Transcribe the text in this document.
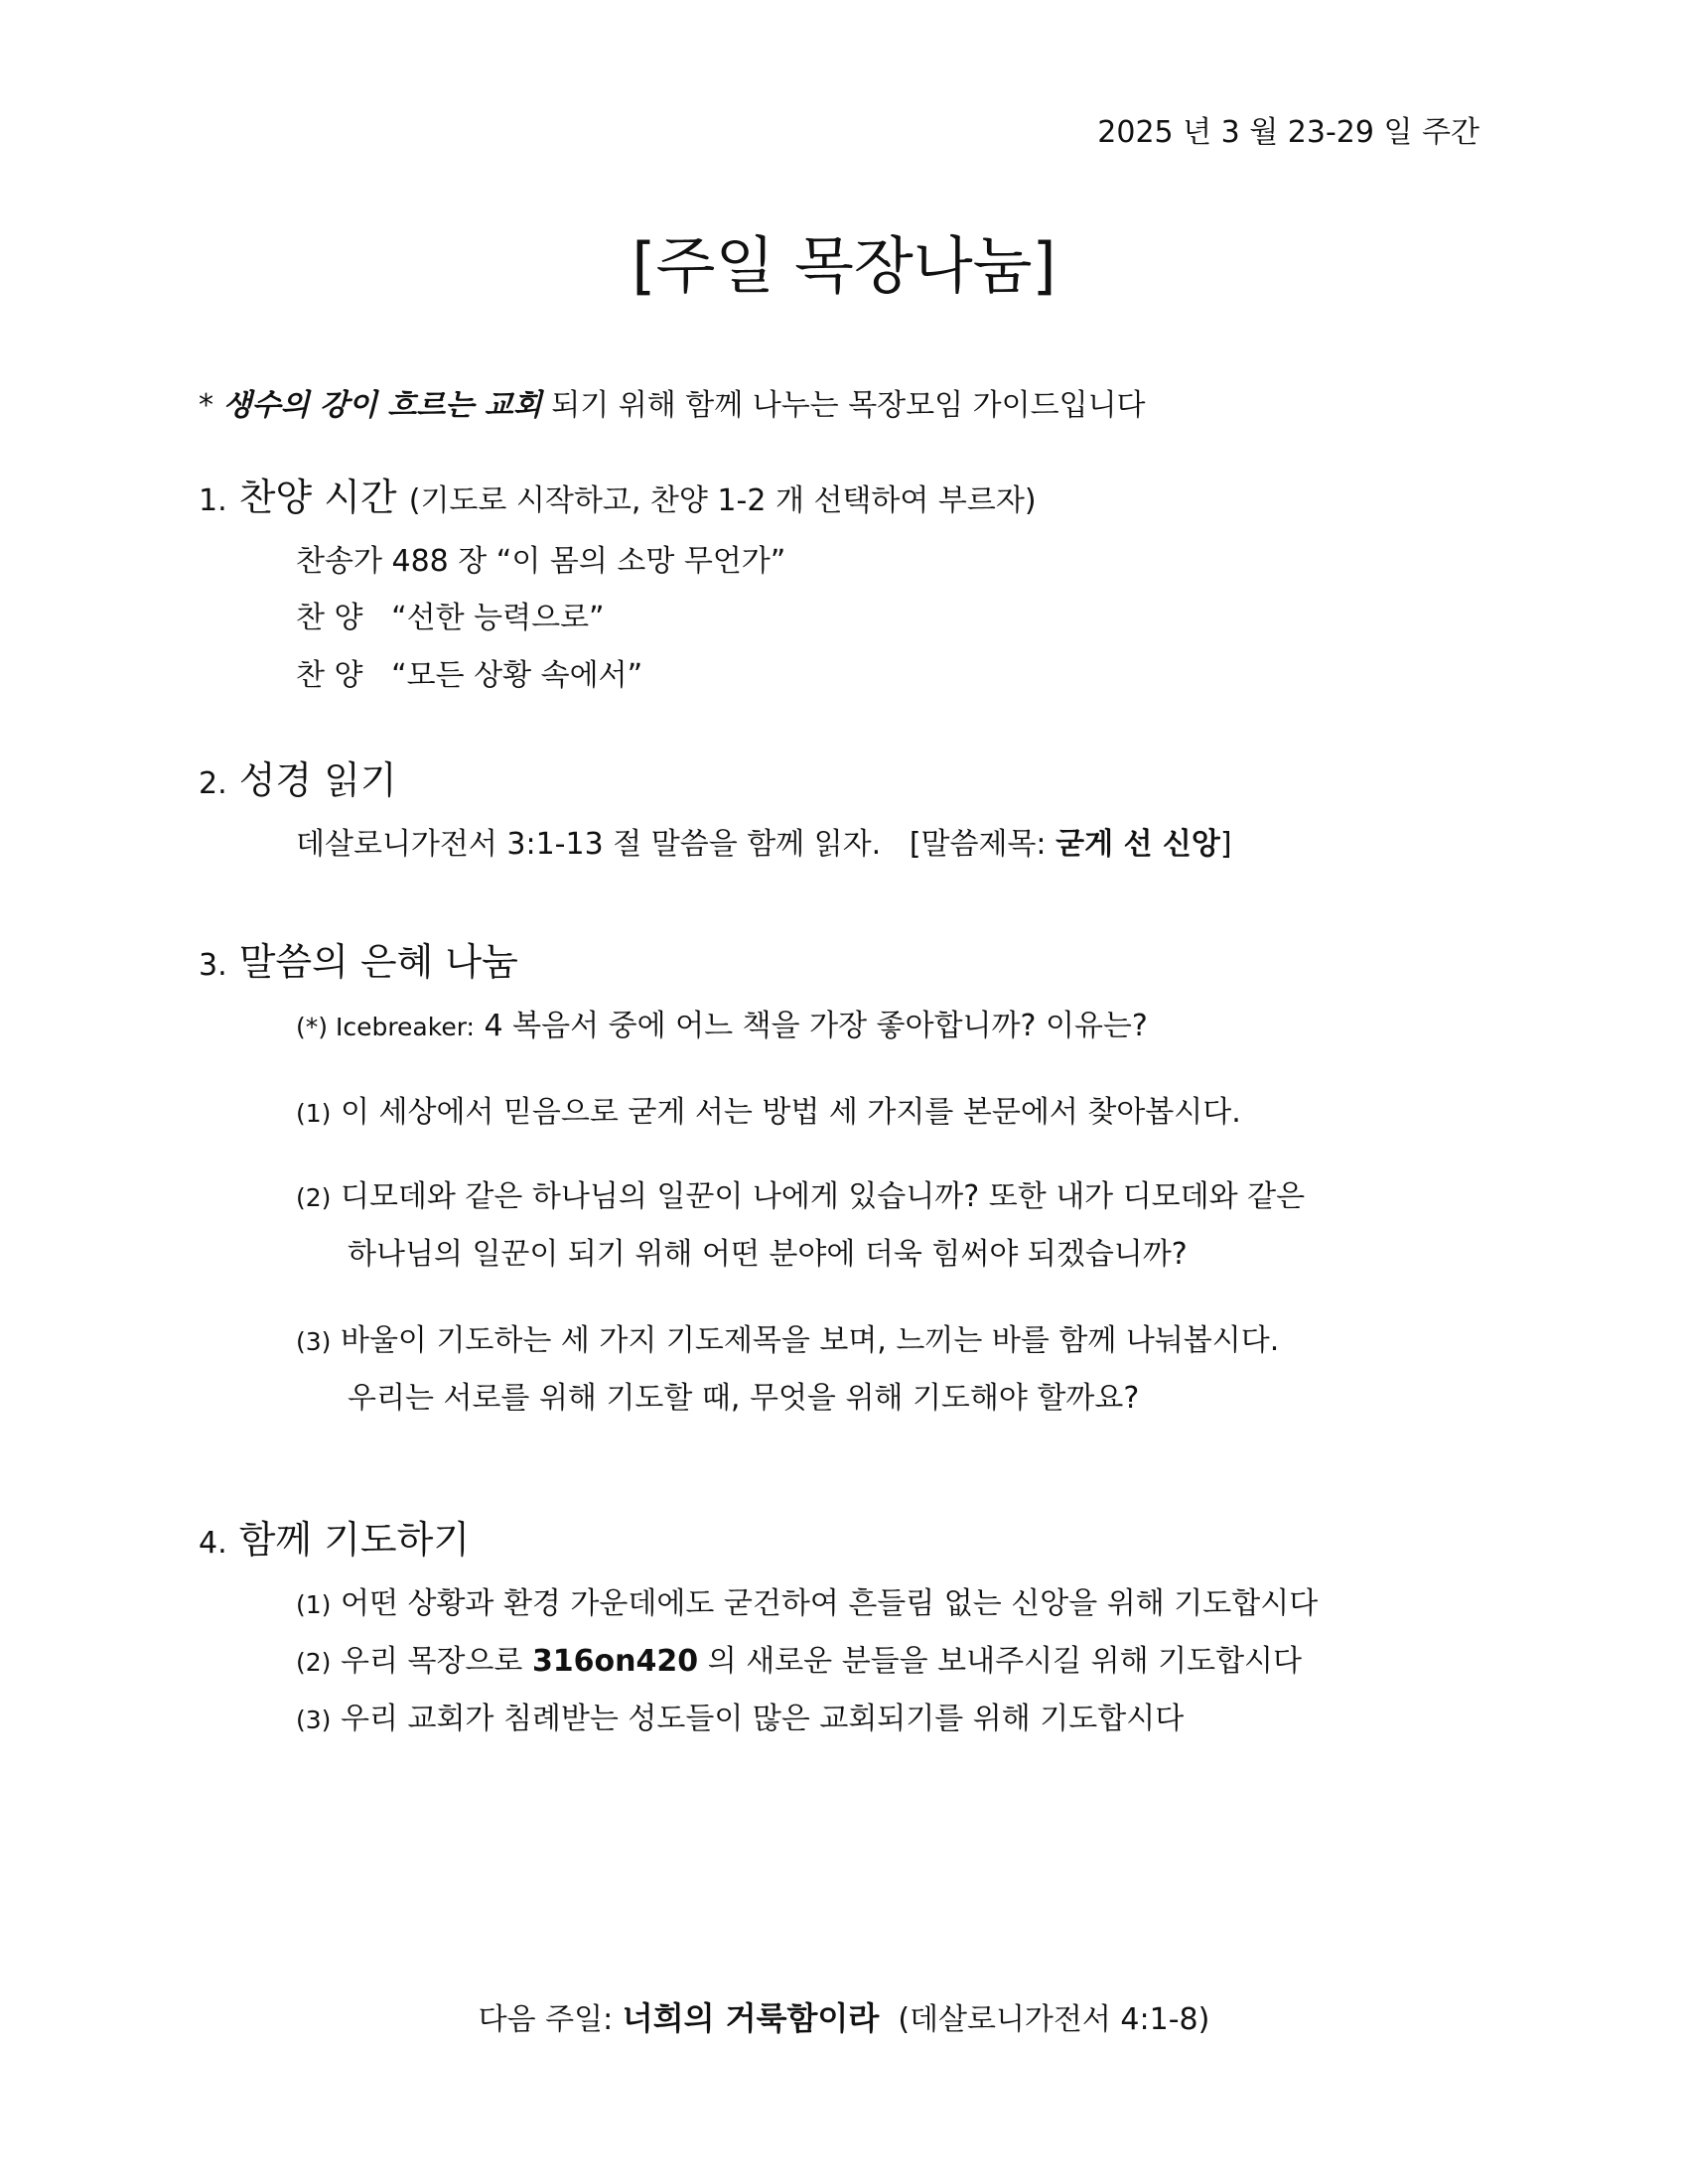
2025 년 3 월 23-29 일 주간
[주일 목장나눔]
* 생수의 강이 흐르는 교회 되기 위해 함께 나누는 목장모임 가이드입니다
1. 찬양 시간 (기도로 시작하고, 찬양 1-2 개 선택하여 부르자)
찬송가 488 장 “이 몸의 소망 무언가”
찬 양   “선한 능력으로”
찬 양   “모든 상황 속에서”
2. 성경 읽기
데살로니가전서 3:1-13 절 말씀을 함께 읽자. [말씀제목: 굳게 선 신앙]
3. 말씀의 은혜 나눔
(*) Icebreaker: 4 복음서 중에 어느 책을 가장 좋아합니까? 이유는?
(1) 이 세상에서 믿음으로 굳게 서는 방법 세 가지를 본문에서 찾아봅시다.
(2) 디모데와 같은 하나님의 일꾼이 나에게 있습니까? 또한 내가 디모데와 같은
하나님의 일꾼이 되기 위해 어떤 분야에 더욱 힘써야 되겠습니까?
(3) 바울이 기도하는 세 가지 기도제목을 보며, 느끼는 바를 함께 나눠봅시다.
우리는 서로를 위해 기도할 때, 무엇을 위해 기도해야 할까요?
4. 함께 기도하기
(1) 어떤 상황과 환경 가운데에도 굳건하여 흔들림 없는 신앙을 위해 기도합시다
(2) 우리 목장으로 316on420 의 새로운 분들을 보내주시길 위해 기도합시다
(3) 우리 교회가 침례받는 성도들이 많은 교회되기를 위해 기도합시다
다음 주일: 너희의 거룩함이라 (데살로니가전서 4:1-8)
